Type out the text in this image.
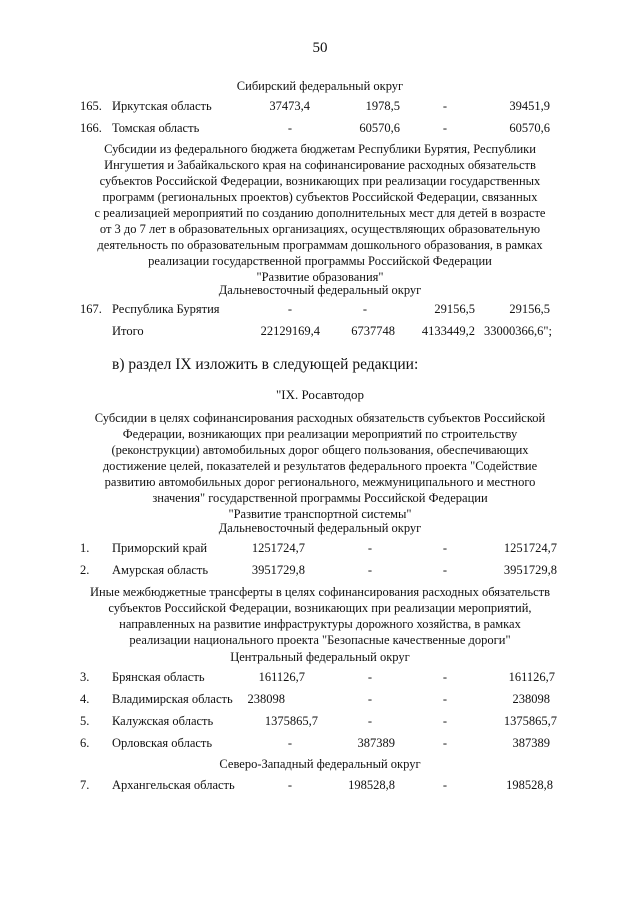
50
Сибирский федеральный округ
165. Иркутская область	37473,4	1978,5	-	39451,9
166. Томская область	-	60570,6	-	60570,6
Субсидии из федерального бюджета бюджетам Республики Бурятия, Республики
Ингушетия и Забайкальского края на софинансирование расходных обязательств
субъектов Российской Федерации, возникающих при реализации государственных
программ (региональных проектов) субъектов Российской Федерации, связанных
с реализацией мероприятий по созданию дополнительных мест для детей в возрасте
от 3 до 7 лет в образовательных организациях, осуществляющих образовательную
деятельность по образовательным программам дошкольного образования, в рамках
реализации государственной программы Российской Федерации
"Развитие образования"
Дальневосточный федеральный округ
167. Республика Бурятия	-	-	29156,5	29156,5
Итого	22129169,4	6737748	4133449,2 33000366,6";
в) раздел IX изложить в следующей редакции:
"IX. Росавтодор
Субсидии в целях софинансирования расходных обязательств субъектов Российской
Федерации, возникающих при реализации мероприятий по строительству
(реконструкции) автомобильных дорог общего пользования, обеспечивающих
достижение целей, показателей и результатов федерального проекта "Содействие
развитию автомобильных дорог регионального, межмуниципального и местного
значения" государственной программы Российской Федерации
"Развитие транспортной системы"
Дальневосточный федеральный округ
1. Приморский край	1251724,7	-	-	1251724,7
2. Амурская область	3951729,8	-	-	3951729,8
Иные межбюджетные трансферты в целях софинансирования расходных обязательств
субъектов Российской Федерации, возникающих при реализации мероприятий,
направленных на развитие инфраструктуры дорожного хозяйства, в рамках
реализации национального проекта "Безопасные качественные дороги"
Центральный федеральный округ
3. Брянская область	161126,7	-	-	161126,7
4. Владимирская область	238098	-	-	238098
5. Калужская область	1375865,7	-	-	1375865,7
6. Орловская область	-	387389	-	387389
Северо-Западный федеральный округ
7. Архангельская область	-	198528,8	-	198528,8
